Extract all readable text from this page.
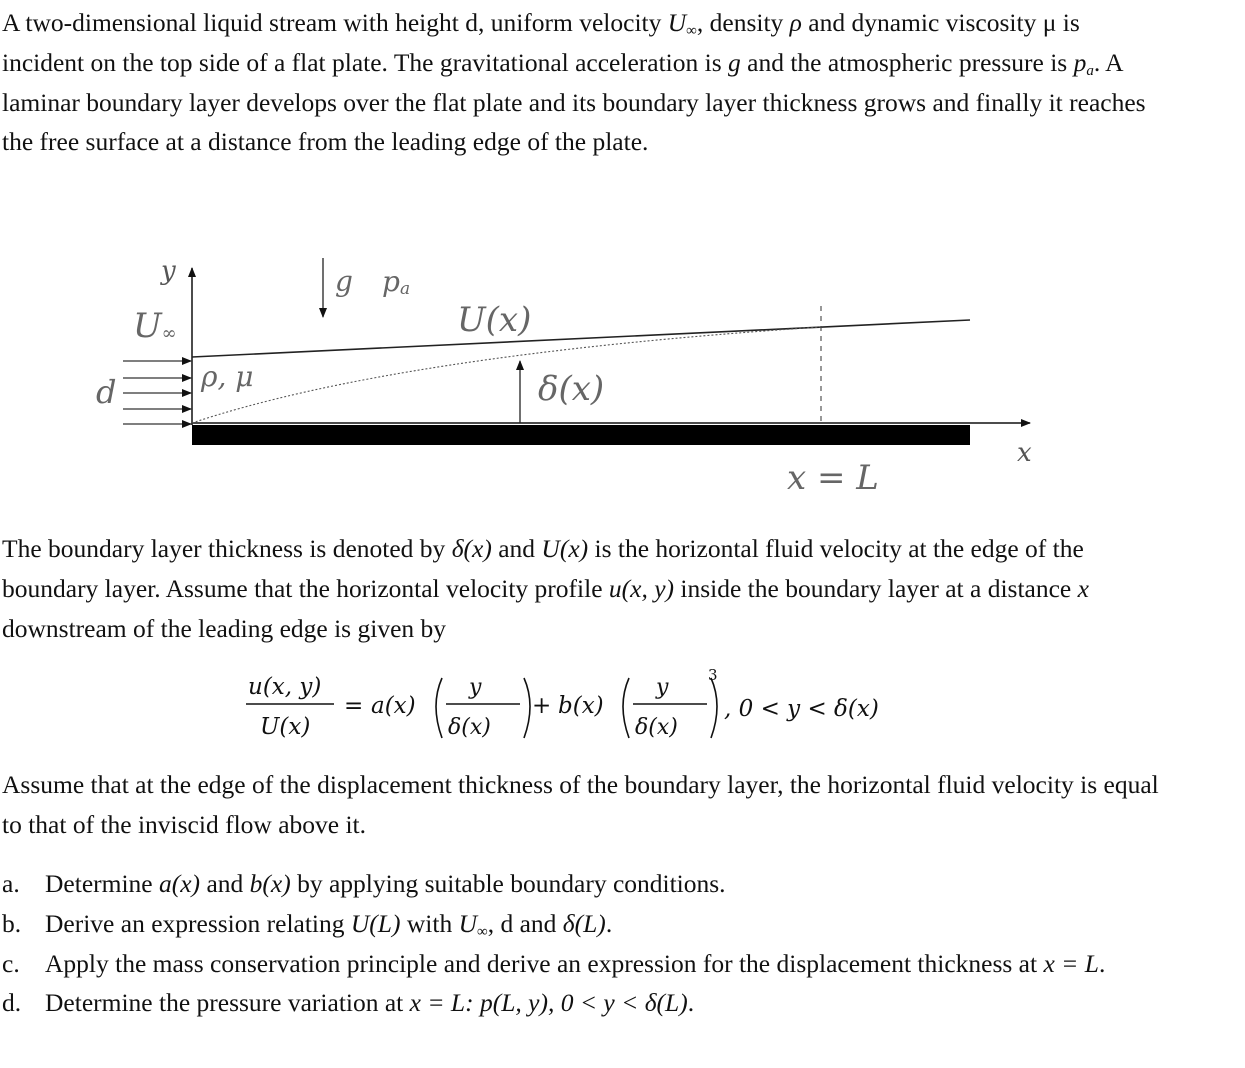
A two-dimensional liquid stream with height d, uniform velocity $U_\infty$, density ρ and dynamic viscosity μ is incident on the top side of a flat plate. The gravitational acceleration is g and the atmospheric pressure is $p_a$. A laminar boundary layer develops over the flat plate and its boundary layer thickness grows and finally it reaches the free surface at a distance from the leading edge of the plate.

y
x
U∞
d
g pa
ρ, μ
U(x)
δ(x)
x = L

The boundary layer thickness is denoted by δ(x) and U(x) is the horizontal fluid velocity at the edge of the boundary layer. Assume that the horizontal velocity profile u(x, y) inside the boundary layer at a distance x downstream of the leading edge is given by

u(x, y)
U(x)
= a(x)
y
δ(x)
+ b(x)
y
δ(x)
3
, 0 < y < δ(x)

Assume that at the edge of the displacement thickness of the boundary layer, the horizontal fluid velocity is equal to that of the inviscid flow above it.

a. Determine a(x) and b(x) by applying suitable boundary conditions.
b. Derive an expression relating U(L) with $U_\infty$, d and δ(L).
c. Apply the mass conservation principle and derive an expression for the displacement thickness at x = L.
d. Determine the pressure variation at x = L: p(L, y), 0 < y < δ(L).
